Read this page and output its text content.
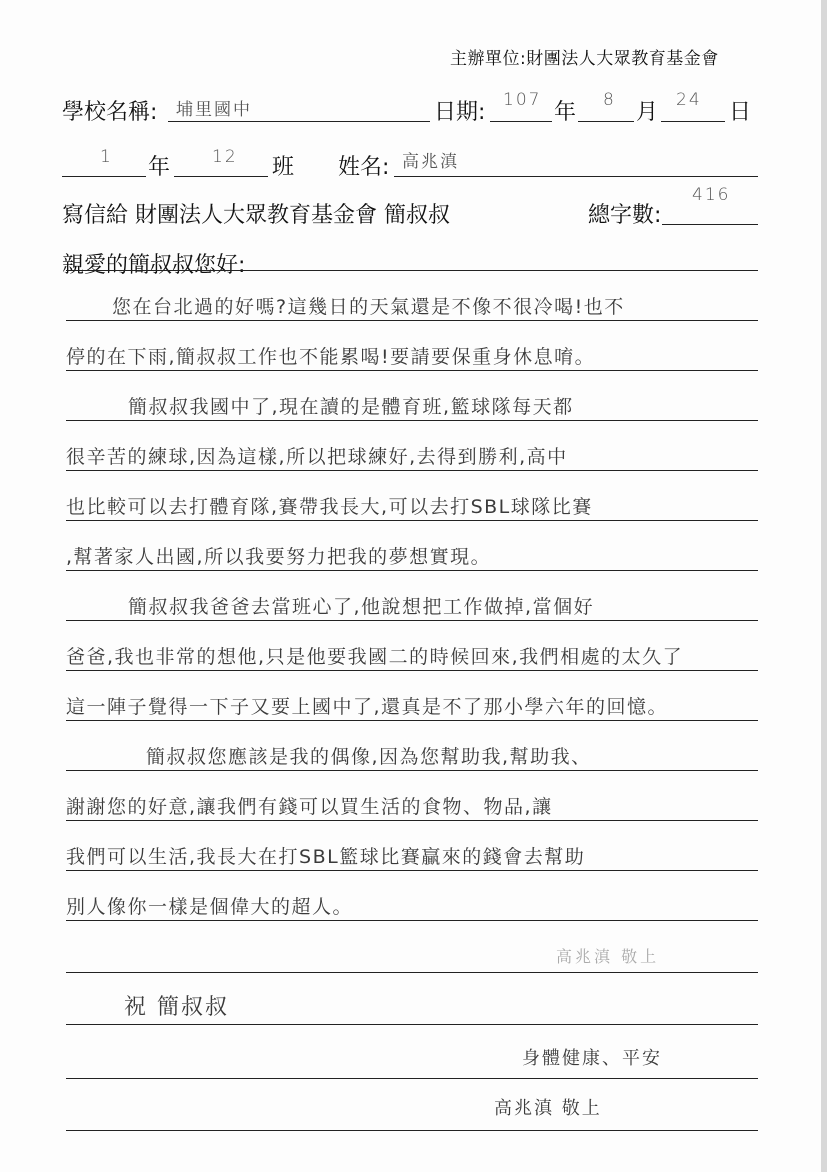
主辦單位:財團法人大眾教育基金會
學校名稱: 埔里國中	日期: 107 年 8 月 24 日
1 年 12 班 姓名: 高兆滇
寫信給 財團法人大眾教育基金會 簡叔叔	總字數:
416
親愛的簡叔叔您好:
您在台北過的好嗎?這幾日的天氣還是不像不很冷喝!也不
停的在下雨,簡叔叔工作也不能累喝!要請要保重身休息唷。
簡叔叔我國中了,現在讀的是體育班,籃球隊每天都
很辛苦的練球,因為這樣,所以把球練好,去得到勝利,高中
也比較可以去打體育隊,賽帶我長大,可以去打SBL球隊比賽
,幫著家人出國,所以我要努力把我的夢想實現。
簡叔叔我爸爸去當班心了,他說想把工作做掉,當個好
爸爸,我也非常的想他,只是他要我國二的時候回來,我們相處的太久了
這一陣子覺得一下子又要上國中了,還真是不了那小學六年的回憶。
簡叔叔您應該是我的偶像,因為您幫助我,幫助我、
謝謝您的好意,讓我們有錢可以買生活的食物、物品,讓
我們可以生活,我長大在打SBL籃球比賽贏來的錢會去幫助
別人像你一樣是個偉大的超人。
高兆滇 敬上
祝 簡叔叔
身體健康、平安
高兆滇 敬上
